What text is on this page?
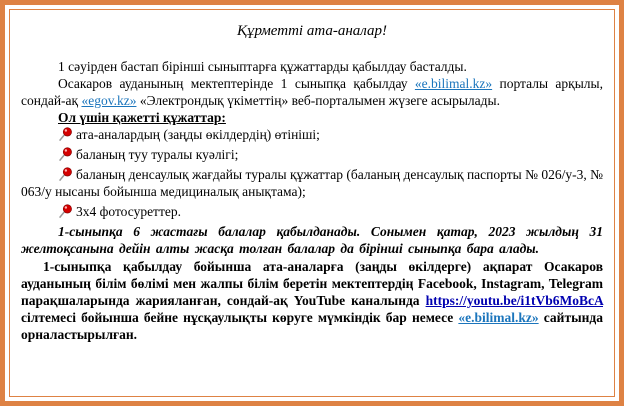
Құрметті ата-аналар!

1 сәуірден бастап бірінші сыныптарға құжаттарды қабылдау басталды.

Осакаров ауданының мектептерінде 1 сыныпқа қабылдау «e.bilimal.kz» порталы арқылы, сондай-ақ «egov.kz» «Электрондық үкіметтің» веб-порталымен жүзеге асырылады.

Ол үшін қажетті құжаттар:

ата-аналардың (заңды өкілдердің) өтініші;
баланың туу туралы куәлігі;
баланың денсаулық жағдайы туралы құжаттар (баланың денсаулық паспорты № 026/у-3, № 063/у нысаны бойынша медициналық анықтама);
3х4 фотосуреттер.

1-сыныпқа 6 жастағы балалар қабылданады. Сонымен қатар, 2023 жылдың 31 желтоқсанына дейін алты жасқа толған балалар да бірінші сыныпқа бара алады.

1-сыныпқа қабылдау бойынша ата-аналарға (заңды өкілдерге) ақпарат Осакаров ауданының білім бөлімі мен жалпы білім беретін мектептердің Facebook, Instagram, Telegram парақшаларында жарияланған, сондай-ақ YouTube каналында https://youtu.be/i1tVb6MoBcA сілтемесі бойынша бейне нұсқаулықты көруге мүмкіндік бар немесе «e.bilimal.kz» сайтында орналастырылған.
